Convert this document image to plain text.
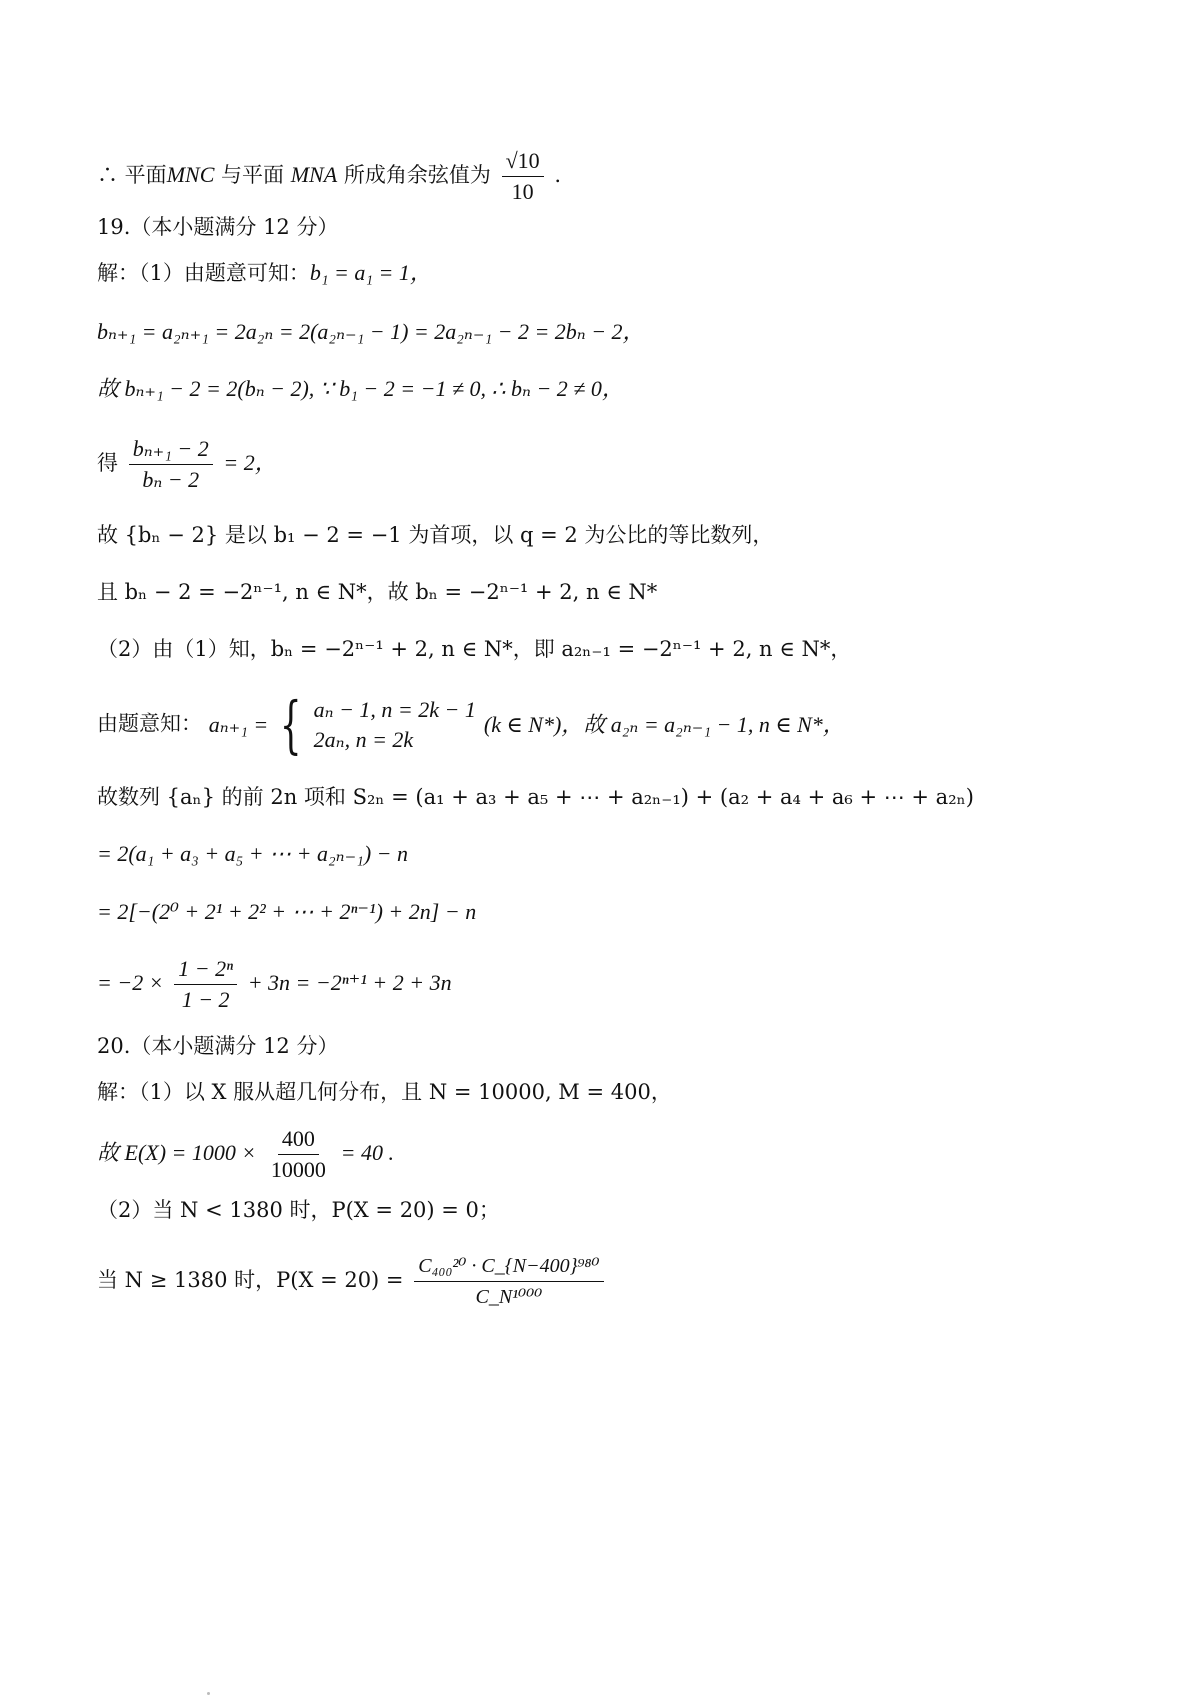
∴ 平面MNC 与平面 MNA 所成角余弦值为 $\frac{√10}{10}$ .
19.（本小题满分 12 分）
解：（1）由题意可知：b₁ = a₁ = 1，
bₙ₊₁ = a₂ₙ₊₁ = 2a₂ₙ = 2(a₂ₙ₋₁ − 1) = 2a₂ₙ₋₁ − 2 = 2bₙ − 2，
故 bₙ₊₁ − 2 = 2(bₙ − 2), ∵ b₁ − 2 = −1 ≠ 0, ∴ bₙ − 2 ≠ 0，
得 $\frac{\text{bₙ₊₁ − 2}}{\text{bₙ − 2}} = 2$，
故 {bₙ − 2} 是以 b₁ − 2 = −1 为首项，以 q = 2 为公比的等比数列，
且 bₙ − 2 = −2ⁿ⁻¹, n ∈ N*，故 bₙ = −2ⁿ⁻¹ + 2, n ∈ N*
（2）由（1）知，bₙ = −2ⁿ⁻¹ + 2, n ∈ N*，即 a₂ₙ₋₁ = −2ⁿ⁻¹ + 2, n ∈ N*，
由题意知： aₙ₊₁ = { aₙ − 1, n = 2k − 1
2aₙ, n = 2k
(k ∈ N*)，故 a₂ₙ = a₂ₙ₋₁ − 1, n ∈ N*，
故数列 {aₙ} 的前 2n 项和 S₂ₙ = (a₁ + a₃ + a₅ + ⋯ + a₂ₙ₋₁) + (a₂ + a₄ + a₆ + ⋯ + a₂ₙ)
= 2(a₁ + a₃ + a₅ + ⋯ + a₂ₙ₋₁) − n
= 2[−(2⁰ + 2¹ + 2² + ⋯ + 2ⁿ⁻¹) + 2n] − n
= $-2 \times \frac{\text{1 − 2ⁿ}}{1 - 2} + 3n = -2^{n+1} + 2 + 3n$
20.（本小题满分 12 分）
解：（1）以 X 服从超几何分布，且 N = 10000, M = 400，
故 $E(X) = 1000 \times \frac{400}{10000} = 40$ .
（2）当 N < 1380 时，P(X = 20) = 0；
当 N ≥ 1380 时，$P(X = 20) = \frac{\text{C₄₀₀²⁰ · C\_\{N−400\}⁹⁸⁰}}{\text{C\_N¹⁰⁰⁰}}$
